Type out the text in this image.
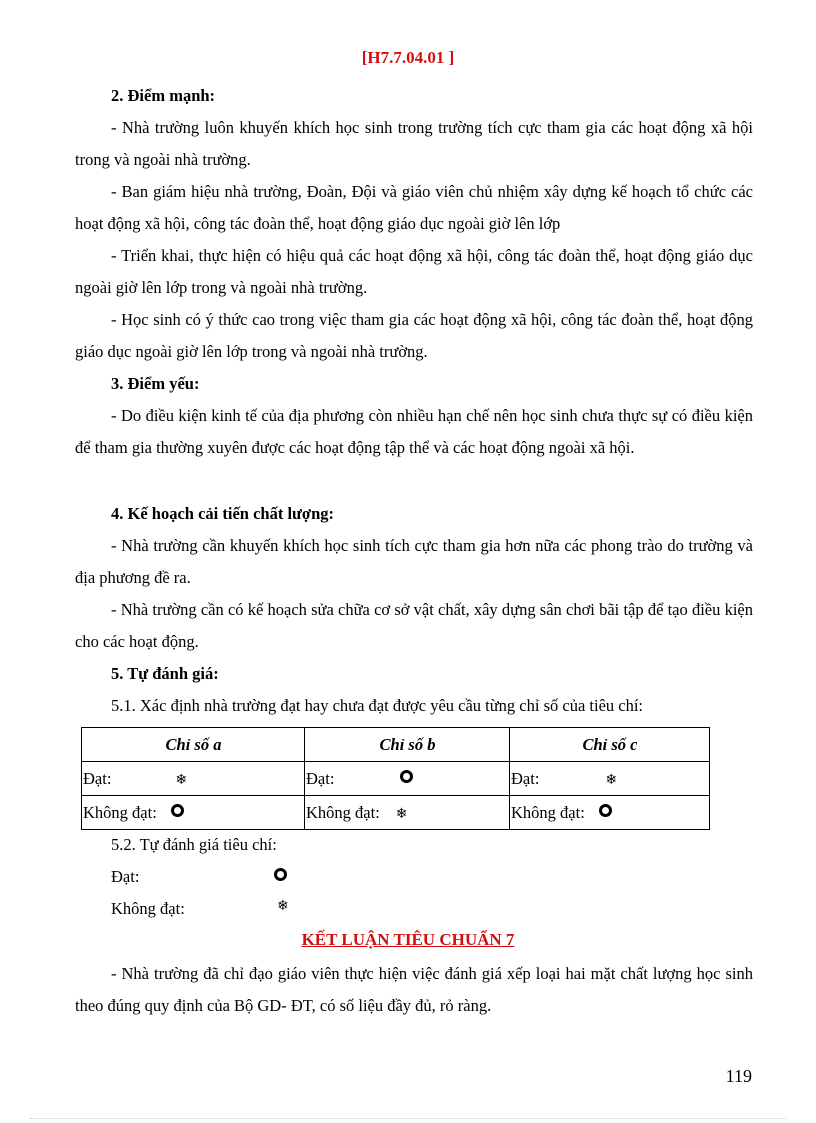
[H7.7.04.01 ]
2. Điểm mạnh:
- Nhà trường luôn khuyến khích học sinh trong trường tích cực tham gia các hoạt động xã hội trong và ngoài nhà trường.
- Ban giám hiệu nhà trường, Đoàn, Đội và giáo viên chủ nhiệm xây dựng kế hoạch tổ chức các hoạt động xã hội, công tác đoàn thể, hoạt động giáo dục ngoài giờ lên lớp
- Triển khai, thực hiện có hiệu quả các hoạt động xã hội, công tác đoàn thể, hoạt động giáo dục ngoài giờ lên lớp trong và ngoài nhà trường.
- Học sinh có ý thức cao trong việc tham gia các hoạt động xã hội, công tác đoàn thể, hoạt động giáo dục ngoài giờ lên lớp trong và ngoài nhà trường.
3. Điểm yếu:
- Do điều kiện kinh tế của địa phương còn nhiều hạn chế nên học sinh chưa thực sự có điều kiện để tham gia thường xuyên được các hoạt động tập thể và các hoạt động ngoài xã hội.
4. Kế hoạch cải tiến chất lượng:
- Nhà trường cần khuyến khích học sinh tích cực tham gia hơn nữa các phong trào do trường và địa phương đề ra.
- Nhà trường cần có kế hoạch sửa chữa cơ sở vật chất, xây dựng sân chơi bãi tập để tạo điều kiện cho các hoạt động.
5. Tự đánh giá:
5.1. Xác định nhà trường đạt hay chưa đạt được yêu cầu từng chỉ số của tiêu chí:
Chỉ số a	Chỉ số b	Chỉ số c
Đạt: ❄	Đạt:	Đạt: ❄
Không đạt:	Không đạt: ❄	Không đạt:
5.2. Tự đánh giá tiêu chí:
Đạt:
Không đạt:	❄
KẾT LUẬN TIÊU CHUẨN 7
- Nhà trường đã chỉ đạo giáo viên thực hiện việc đánh giá xếp loại hai mặt chất lượng học sinh theo đúng quy định của Bộ GD- ĐT, có số liệu đầy đủ, rỏ ràng.
119
